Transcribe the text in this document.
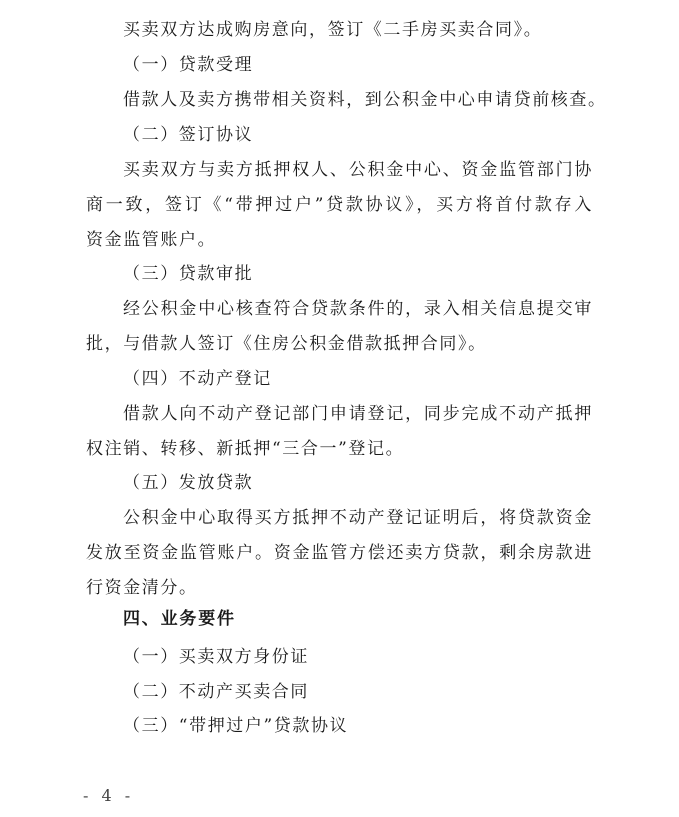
买卖双方达成购房意向，签订《二手房买卖合同》。
（一）贷款受理
借款人及卖方携带相关资料，到公积金中心申请贷前核查。
（二）签订协议
买卖双方与卖方抵押权人、公积金中心、资金监管部门协
商一致，签订《“带押过户”贷款协议》，买方将首付款存入
资金监管账户。
（三）贷款审批
经公积金中心核查符合贷款条件的，录入相关信息提交审
批，与借款人签订《住房公积金借款抵押合同》。
（四）不动产登记
借款人向不动产登记部门申请登记，同步完成不动产抵押
权注销、转移、新抵押“三合一”登记。
（五）发放贷款
公积金中心取得买方抵押不动产登记证明后，将贷款资金
发放至资金监管账户。资金监管方偿还卖方贷款，剩余房款进
行资金清分。
四、业务要件
（一）买卖双方身份证
（二）不动产买卖合同
（三）“带押过户”贷款协议
- 4 -
